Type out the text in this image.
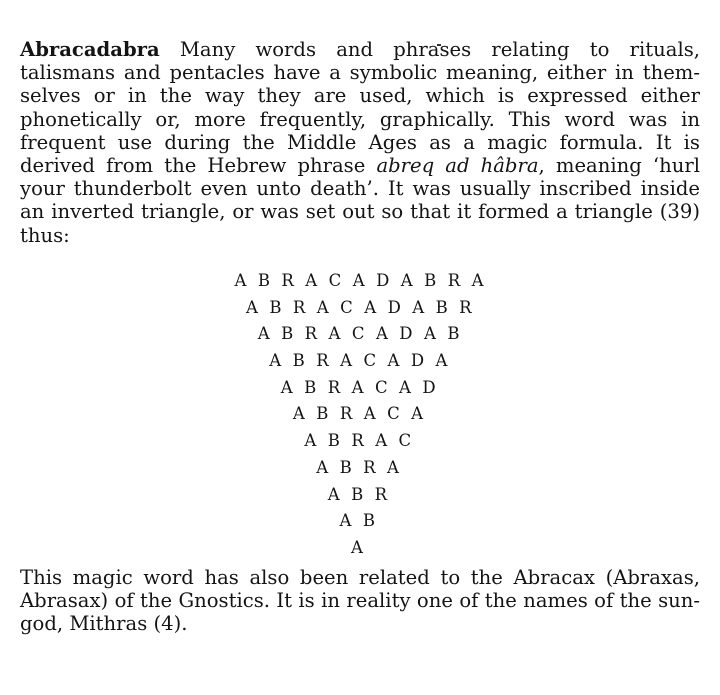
Abracadabra Many words and phrases relating to rituals, talismans and pentacles have a symbolic meaning, either in themselves or in the way they are used, which is expressed either phonetically or, more frequently, graphically. This word was in frequent use during the Middle Ages as a magic formula. It is derived from the Hebrew phrase abreq ad hâbra, meaning ‘hurl your thunderbolt even unto death’. It was usually inscribed inside an inverted triangle, or was set out so that it formed a triangle (39) thus:

A B R A C A D A B R A
A B R A C A D A B R
A B R A C A D A B
A B R A C A D A
A B R A C A D
A B R A C A
A B R A C
A B R A
A B R
A B
A

This magic word has also been related to the Abracax (Abraxas, Abrasax) of the Gnostics. It is in reality one of the names of the sun-god, Mithras (4).
